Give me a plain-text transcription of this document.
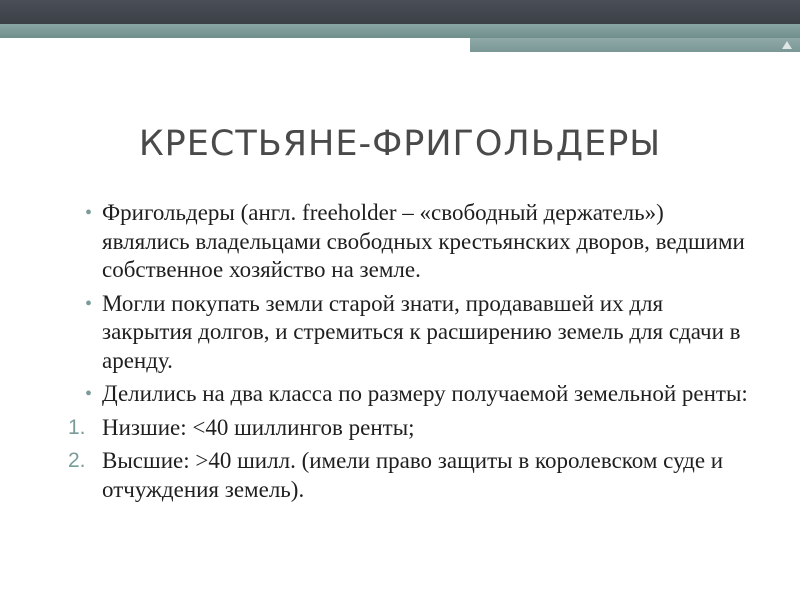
КРЕСТЬЯНЕ-ФРИГОЛЬДЕРЫ
• Фригольдеры (англ. freeholder – «свободный держатель») являлись владельцами свободных крестьянских дворов, ведшими собственное хозяйство на земле.
• Могли покупать земли старой знати, продававшей их для закрытия долгов, и стремиться к расширению земель для сдачи в аренду.
• Делились на два класса по размеру получаемой земельной ренты:
1. Низшие: <40 шиллингов ренты;
2. Высшие: >40 шилл. (имели право защиты в королевском суде и отчуждения земель).
